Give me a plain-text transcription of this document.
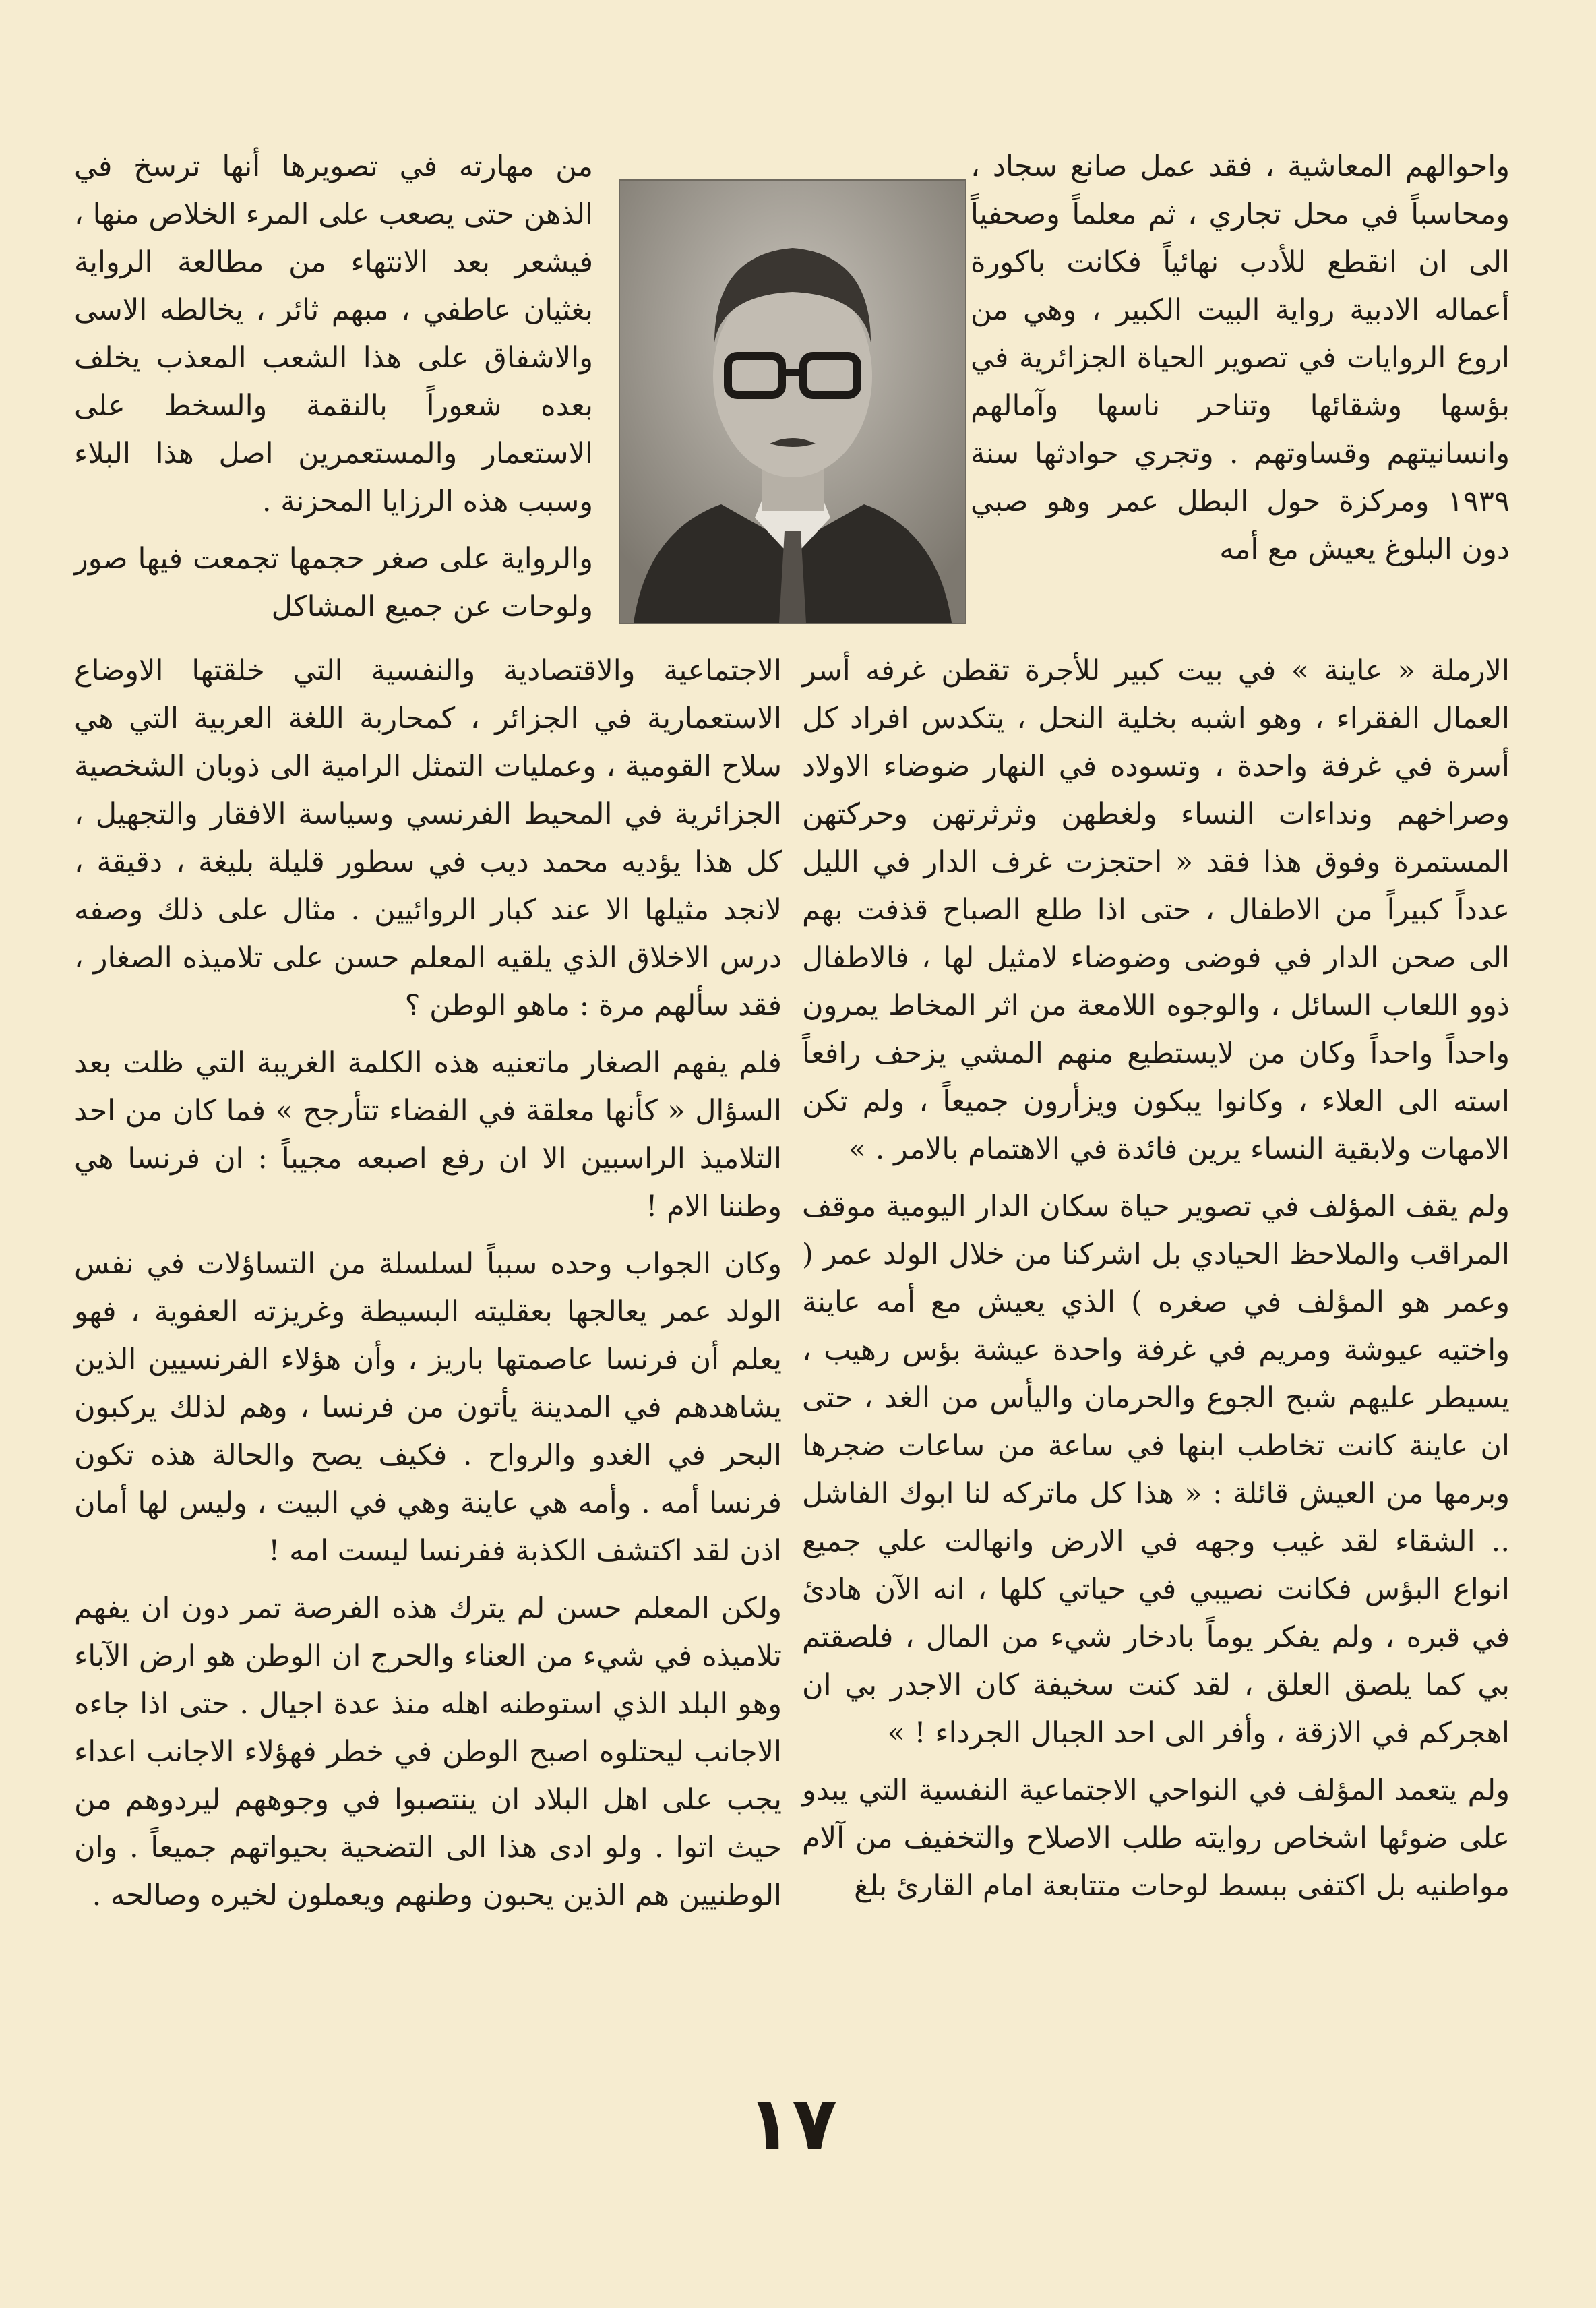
واحوالهم المعاشية ، فقد عمل صانع سجاد ، ومحاسباً في محل تجاري ، ثم معلماً وصحفياً الى ان انقطع للأدب نهائياً فكانت باكورة أعماله الادبية رواية البيت الكبير ، وهي من اروع الروايات في تصوير الحياة الجزائرية في بؤسها وشقائها وتناحر ناسها وآمالهم وانسانيتهم وقساوتهم . وتجري حوادثها سنة ١٩٣٩ ومركزة حول البطل عمر وهو صبي دون البلوغ يعيش مع أمه

من مهارته في تصويرها أنها ترسخ في الذهن حتى يصعب على المرء الخلاص منها ، فيشعر بعد الانتهاء من مطالعة الرواية بغثيان عاطفي ، مبهم ثائر ، يخالطه الاسى والاشفاق على هذا الشعب المعذب يخلف بعده شعوراً بالنقمة والسخط على الاستعمار والمستعمرين اصل هذا البلاء وسبب هذه الرزايا المحزنة .

والرواية على صغر حجمها تجمعت فيها صور ولوحات عن جميع المشاكل

الارملة « عاينة » في بيت كبير للأجرة تقطن غرفه أسر العمال الفقراء ، وهو اشبه بخلية النحل ، يتكدس افراد كل أسرة في غرفة واحدة ، وتسوده في النهار ضوضاء الاولاد وصراخهم ونداءات النساء ولغطهن وثرثرتهن وحركتهن المستمرة وفوق هذا فقد « احتجزت غرف الدار في الليل عدداً كبيراً من الاطفال ، حتى اذا طلع الصباح قذفت بهم الى صحن الدار في فوضى وضوضاء لامثيل لها ، فالاطفال ذوو اللعاب السائل ، والوجوه اللامعة من اثر المخاط يمرون واحداً واحداً وكان من لايستطيع منهم المشي يزحف رافعاً استه الى العلاء ، وكانوا يبكون ويزأرون جميعاً ، ولم تكن الامهات ولابقية النساء يرين فائدة في الاهتمام بالامر . »

ولم يقف المؤلف في تصوير حياة سكان الدار اليومية موقف المراقب والملاحظ الحيادي بل اشركنا من خلال الولد عمر ( وعمر هو المؤلف في صغره ) الذي يعيش مع أمه عاينة واختيه عيوشة ومريم في غرفة واحدة عيشة بؤس رهيب ، يسيطر عليهم شبح الجوع والحرمان واليأس من الغد ، حتى ان عاينة كانت تخاطب ابنها في ساعة من ساعات ضجرها وبرمها من العيش قائلة : « هذا كل ماتركه لنا ابوك الفاشل .. الشقاء لقد غيب وجهه في الارض وانهالت علي جميع انواع البؤس فكانت نصيبي في حياتي كلها ، انه الآن هادئ في قبره ، ولم يفكر يوماً بادخار شيء من المال ، فلصقتم بي كما يلصق العلق ، لقد كنت سخيفة كان الاجدر بي ان اهجركم في الازقة ، وأفر الى احد الجبال الجرداء ! »

ولم يتعمد المؤلف في النواحي الاجتماعية النفسية التي يبدو على ضوئها اشخاص روايته طلب الاصلاح والتخفيف من آلام مواطنيه بل اكتفى ببسط لوحات متتابعة امام القارئ بلغ

الاجتماعية والاقتصادية والنفسية التي خلقتها الاوضاع الاستعمارية في الجزائر ، كمحاربة اللغة العربية التي هي سلاح القومية ، وعمليات التمثل الرامية الى ذوبان الشخصية الجزائرية في المحيط الفرنسي وسياسة الافقار والتجهيل ، كل هذا يؤديه محمد ديب في سطور قليلة بليغة ، دقيقة ، لانجد مثيلها الا عند كبار الروائيين . مثال على ذلك وصفه درس الاخلاق الذي يلقيه المعلم حسن على تلاميذه الصغار ، فقد سألهم مرة : ماهو الوطن ؟

فلم يفهم الصغار ماتعنيه هذه الكلمة الغريبة التي ظلت بعد السؤال « كأنها معلقة في الفضاء تتأرجح » فما كان من احد التلاميذ الراسبين الا ان رفع اصبعه مجيباً : ان فرنسا هي وطننا الام !

وكان الجواب وحده سبباً لسلسلة من التساؤلات في نفس الولد عمر يعالجها بعقليته البسيطة وغريزته العفوية ، فهو يعلم أن فرنسا عاصمتها باريز ، وأن هؤلاء الفرنسيين الذين يشاهدهم في المدينة يأتون من فرنسا ، وهم لذلك يركبون البحر في الغدو والرواح . فكيف يصح والحالة هذه تكون فرنسا أمه . وأمه هي عاينة وهي في البيت ، وليس لها أمان اذن لقد اكتشف الكذبة ففرنسا ليست امه !

ولكن المعلم حسن لم يترك هذه الفرصة تمر دون ان يفهم تلاميذه في شيء من العناء والحرج ان الوطن هو ارض الآباء وهو البلد الذي استوطنه اهله منذ عدة اجيال . حتى اذا جاءه الاجانب ليحتلوه اصبح الوطن في خطر فهؤلاء الاجانب اعداء يجب على اهل البلاد ان ينتصبوا في وجوههم ليردوهم من حيث اتوا . ولو ادى هذا الى التضحية بحيواتهم جميعاً . وان الوطنيين هم الذين يحبون وطنهم ويعملون لخيره وصالحه .

١٧
